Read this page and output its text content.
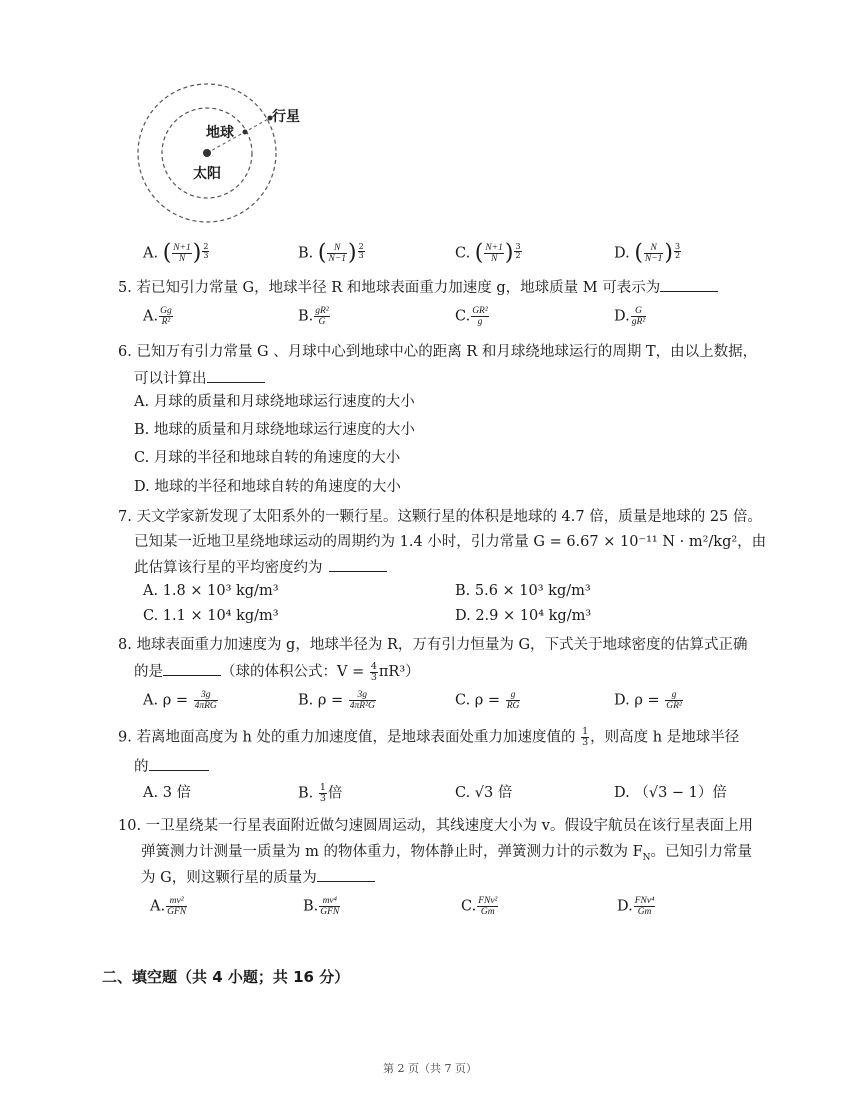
行星
地球
太阳
A. ( $\frac{N+1}{N}$ ) $\frac{2}{3}$	B. ( $\frac{N}{N-1}$ ) $\frac{2}{3}$	C. ( $\frac{N+1}{N}$ ) $\frac{3}{2}$	D. ( $\frac{N}{N-1}$ ) $\frac{3}{2}$
5. 若已知引力常量 G，地球半径 R 和地球表面重力加速度 g，地球质量 M 可表示为
A. $\frac{Gg}{\text{R²}}$	B. $\frac{\text{gR²}}{G}$	C. $\frac{\text{GR²}}{g}$	D. $\frac{G}{\text{gR²}}$
6. 已知万有引力常量 G 、月球中心到地球中心的距离 R 和月球绕地球运行的周期 T，由以上数据，
可以计算出
A. 月球的质量和月球绕地球运行速度的大小
B. 地球的质量和月球绕地球运行速度的大小
C. 月球的半径和地球自转的角速度的大小
D. 地球的半径和地球自转的角速度的大小
7. 天文学家新发现了太阳系外的一颗行星。这颗行星的体积是地球的 4.7 倍，质量是地球的 25 倍。
已知某一近地卫星绕地球运动的周期约为 1.4 小时，引力常量 G = 6.67 × 10⁻¹¹ N · m²/kg²，由
此估算该行星的平均密度约为
A. 1.8 × 10³ kg/m³	B. 5.6 × 10³ kg/m³
C. 1.1 × 10⁴ kg/m³	D. 2.9 × 10⁴ kg/m³
8. 地球表面重力加速度为 g，地球半径为 R，万有引力恒量为 G，下式关于地球密度的估算式正确
的是	（球的体积公式：$V = \frac{4}{3} \pi R^3$）
A. $\rho = \frac{3g}{\text{4πRG}}$	B. $\rho = \frac{3g}{\text{4πR²G}}$	C. $\rho = \frac{g}{RG}$	D. $\rho = \frac{g}{\text{GR²}}$
9. 若离地面高度为 h 处的重力加速度值，是地球表面处重力加速度值的 $\frac{1}{3}$ ，则高度 h 是地球半径
的
A. 3 倍	B. $\frac{1}{3}$ 倍	C. √3 倍	D. （√3 − 1）倍
10. 一卫星绕某一行星表面附近做匀速圆周运动，其线速度大小为 v。假设宇航员在该行星表面上用
弹簧测力计测量一质量为 m 的物体重力，物体静止时，弹簧测力计的示数为 $F_N$。已知引力常量
为 G，则这颗行星的质量为
A. $\frac{\text{mv²}}{\text{GFN}}$	B. $\frac{\text{mv⁴}}{\text{GFN}}$	C. $\frac{\text{FNv²}}{Gm}$	D. $\frac{\text{FNv⁴}}{Gm}$
二、填空题（共 4 小题；共 16 分）
第 2 页（共 7 页）
